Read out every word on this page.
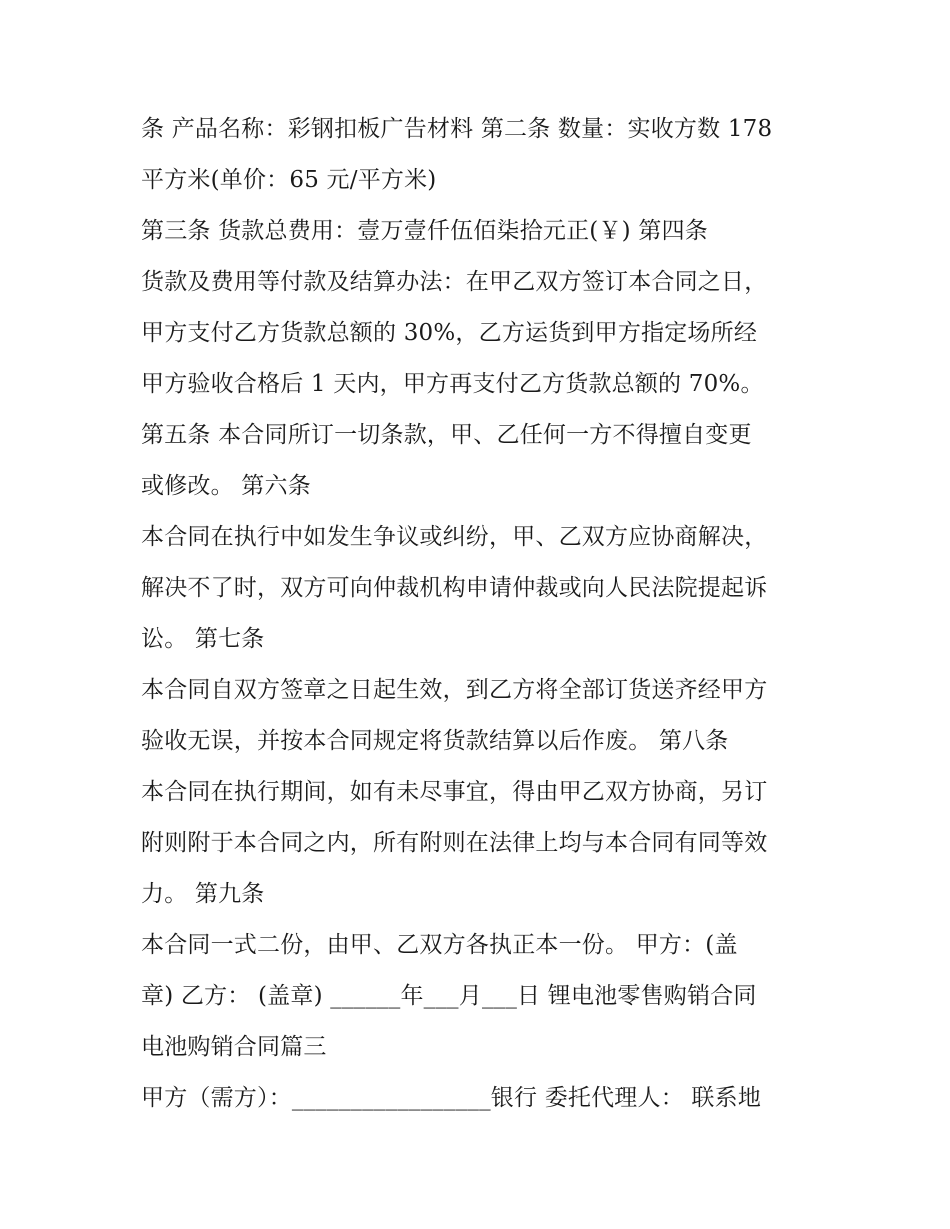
条 产品名称：彩钢扣板广告材料 第二条 数量：实收方数 178
平方米(单价：65 元/平方米)
第三条 货款总费用：壹万壹仟伍佰柒拾元正(￥) 第四条
货款及费用等付款及结算办法：在甲乙双方签订本合同之日，
甲方支付乙方货款总额的 30%，乙方运货到甲方指定场所经
甲方验收合格后 1 天内，甲方再支付乙方货款总额的 70%。
第五条 本合同所订一切条款，甲、乙任何一方不得擅自变更
或修改。 第六条
本合同在执行中如发生争议或纠纷，甲、乙双方应协商解决，
解决不了时，双方可向仲裁机构申请仲裁或向人民法院提起诉
讼。 第七条
本合同自双方签章之日起生效，到乙方将全部订货送齐经甲方
验收无误，并按本合同规定将货款结算以后作废。 第八条
本合同在执行期间，如有未尽事宜，得由甲乙双方协商，另订
附则附于本合同之内，所有附则在法律上均与本合同有同等效
力。 第九条
本合同一式二份，由甲、乙双方各执正本一份。 甲方：(盖
章) 乙方： (盖章) ______年___月___日 锂电池零售购销合同
电池购销合同篇三
甲方（需方）：_________________银行 委托代理人： 联系地
